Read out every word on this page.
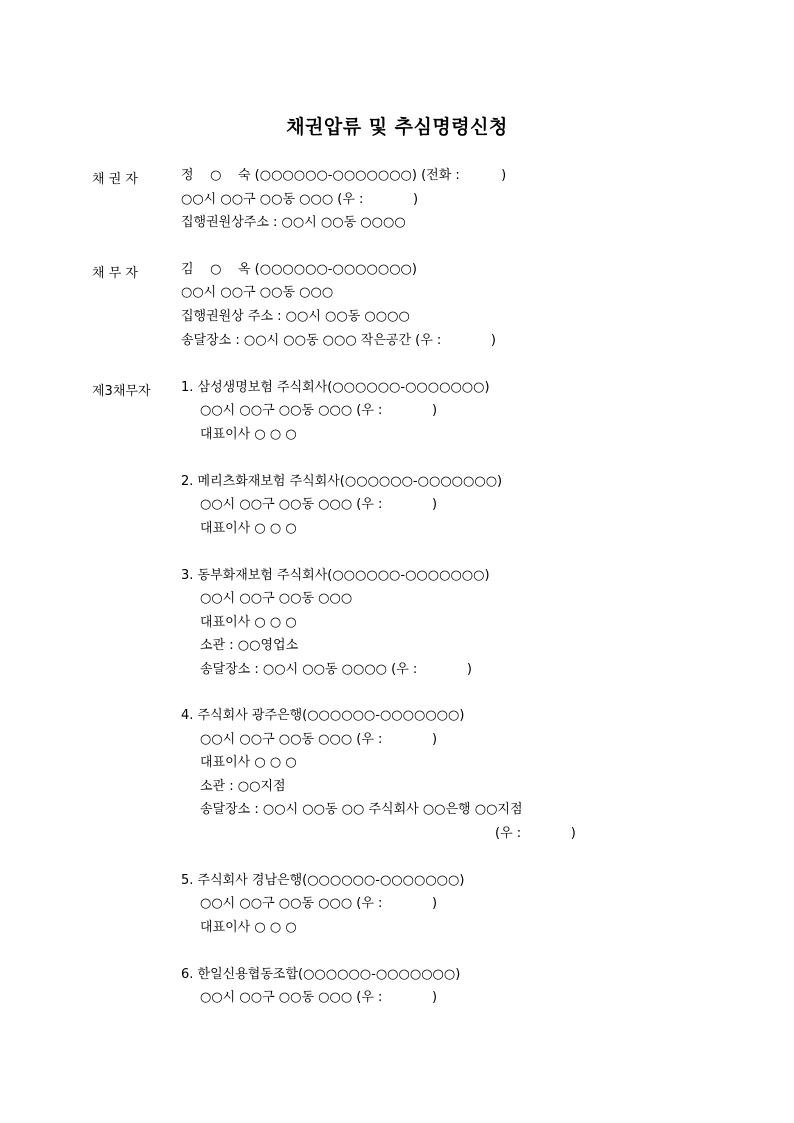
채권압류 및 추심명령신청
채 권 자	정    ○    숙 (○○○○○○-○○○○○○○) (전화 :          )
○○시 ○○구 ○○동 ○○○ (우 :            )
집행권원상주소 : ○○시 ○○동 ○○○○
채 무 자	김    ○    옥 (○○○○○○-○○○○○○○)
○○시 ○○구 ○○동 ○○○
집행권원상 주소 : ○○시 ○○동 ○○○○
송달장소 : ○○시 ○○동 ○○○ 작은공간 (우 :            )
제3채무자 1. 삼성생명보험 주식회사(○○○○○○-○○○○○○○)
○○시 ○○구 ○○동 ○○○ (우 :            )
대표이사 ○ ○ ○
2. 메리츠화재보험 주식회사(○○○○○○-○○○○○○○)
○○시 ○○구 ○○동 ○○○ (우 :            )
대표이사 ○ ○ ○
3. 동부화재보험 주식회사(○○○○○○-○○○○○○○)
○○시 ○○구 ○○동 ○○○
대표이사 ○ ○ ○
소관 : ○○영업소
송달장소 : ○○시 ○○동 ○○○○ (우 :            )
4. 주식회사 광주은행(○○○○○○-○○○○○○○)
○○시 ○○구 ○○동 ○○○ (우 :            )
대표이사 ○ ○ ○
소관 : ○○지점
송달장소 : ○○시 ○○동 ○○ 주식회사 ○○은행 ○○지점
(우 :            )
5. 주식회사 경남은행(○○○○○○-○○○○○○○)
○○시 ○○구 ○○동 ○○○ (우 :            )
대표이사 ○ ○ ○
6. 한일신용협동조합(○○○○○○-○○○○○○○)
○○시 ○○구 ○○동 ○○○ (우 :            )
